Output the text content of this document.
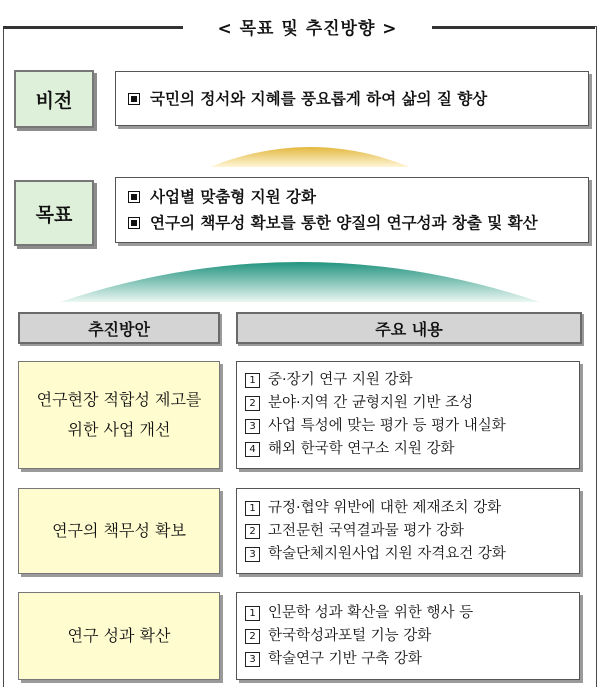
< 목표 및 추진방향 >
비전	국민의 정서와 지혜를 풍요롭게 하여 삶의 질 향상
목표
사업별 맞춤형 지원 강화
연구의 책무성 확보를 통한 양질의 연구성과 창출 및 확산
추진방안	주요 내용
연구현장 적합성 제고를
위한 사업 개선
1 중·장기 연구 지원 강화
2 분야·지역 간 균형지원 기반 조성
3 사업 특성에 맞는 평가 등 평가 내실화
4 해외 한국학 연구소 지원 강화
연구의 책무성 확보
1 규정·협약 위반에 대한 제재조치 강화
2 고전문헌 국역결과물 평가 강화
3 학술단체지원사업 지원 자격요건 강화
연구 성과 확산
1 인문학 성과 확산을 위한 행사 등
2 한국학성과포털 기능 강화
3 학술연구 기반 구축 강화
